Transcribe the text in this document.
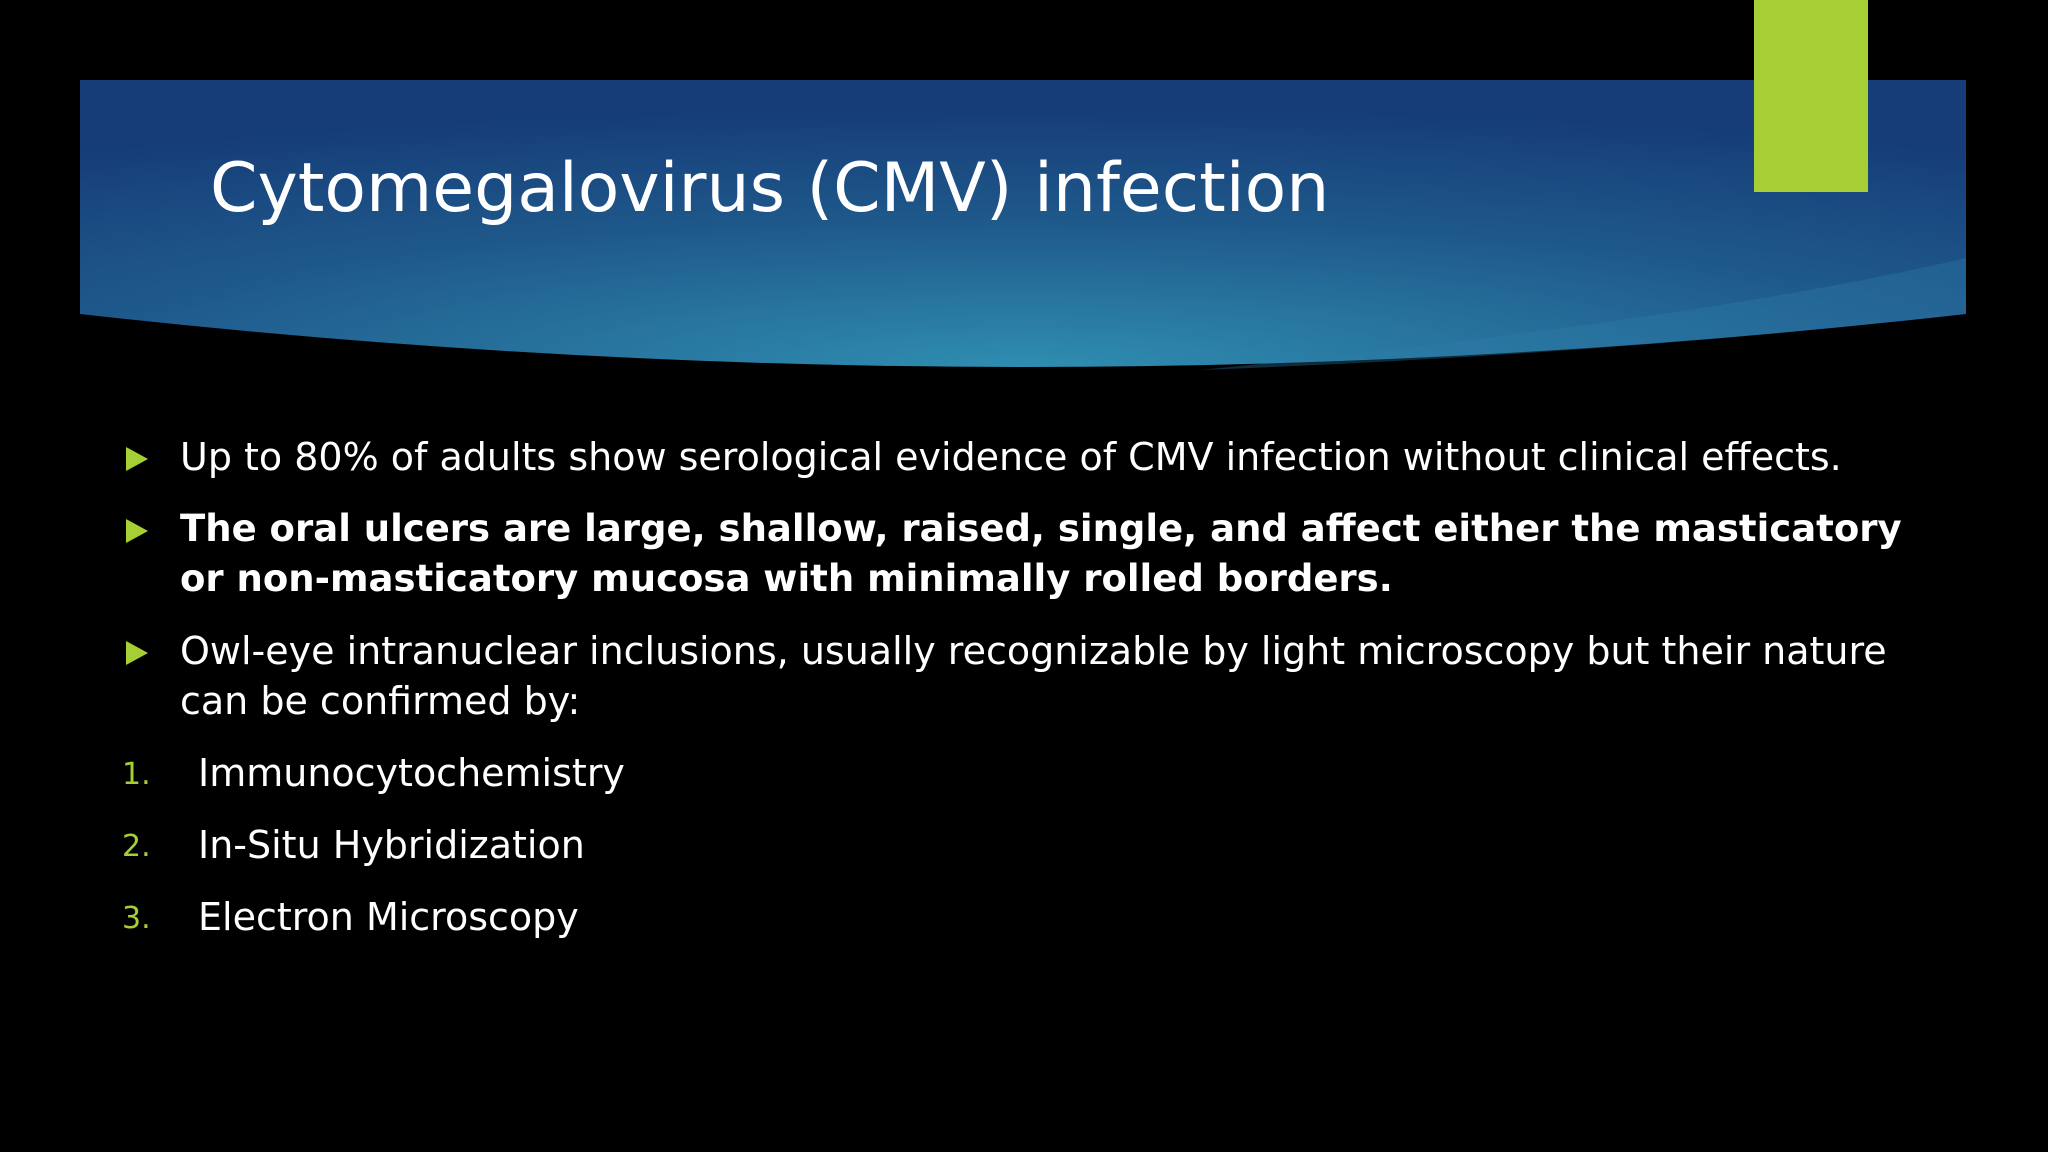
Cytomegalovirus (CMV) infection
Up to 80% of adults show serological evidence of CMV infection without clinical effects.
The oral ulcers are large, shallow, raised, single, and affect either the masticatory or non-masticatory mucosa with minimally rolled borders.
Owl-eye intranuclear inclusions, usually recognizable by light microscopy but their nature can be confirmed by:
1. Immunocytochemistry
2. In-Situ Hybridization
3. Electron Microscopy
